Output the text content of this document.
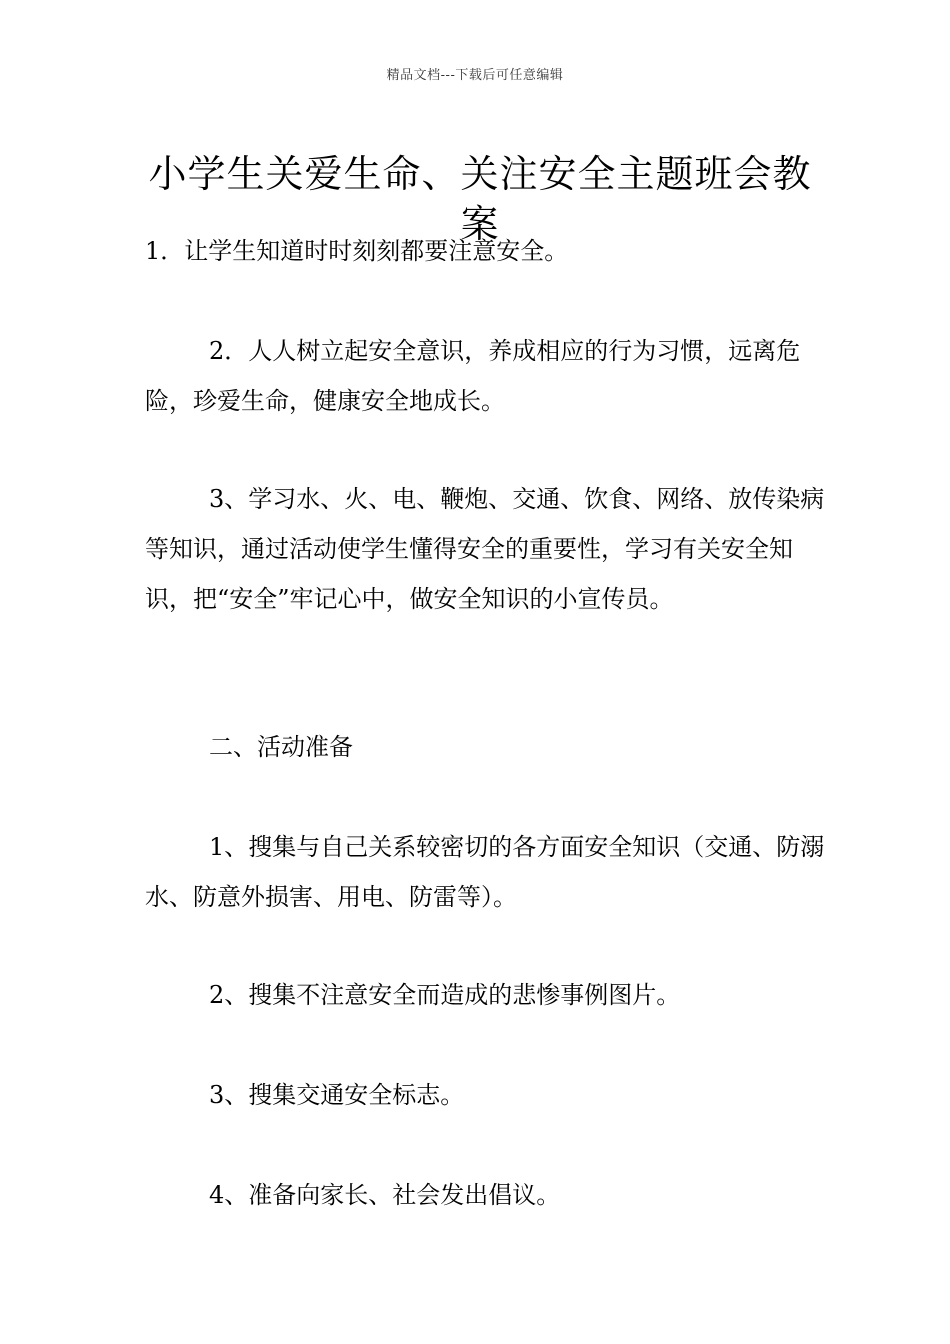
精品文档---下载后可任意编辑
小学生关爱生命、关注安全主题班会教案

1．让学生知道时时刻刻都要注意安全。

2．人人树立起安全意识，养成相应的行为习惯，远离危险，珍爱生命，健康安全地成长。

3、学习水、火、电、鞭炮、交通、饮食、网络、放传染病等知识，通过活动使学生懂得安全的重要性，学习有关安全知识，把“安全”牢记心中，做安全知识的小宣传员。

二、活动准备

1、搜集与自己关系较密切的各方面安全知识（交通、防溺水、防意外损害、用电、防雷等）。

2、搜集不注意安全而造成的悲惨事例图片。

3、搜集交通安全标志。

4、准备向家长、社会发出倡议。
